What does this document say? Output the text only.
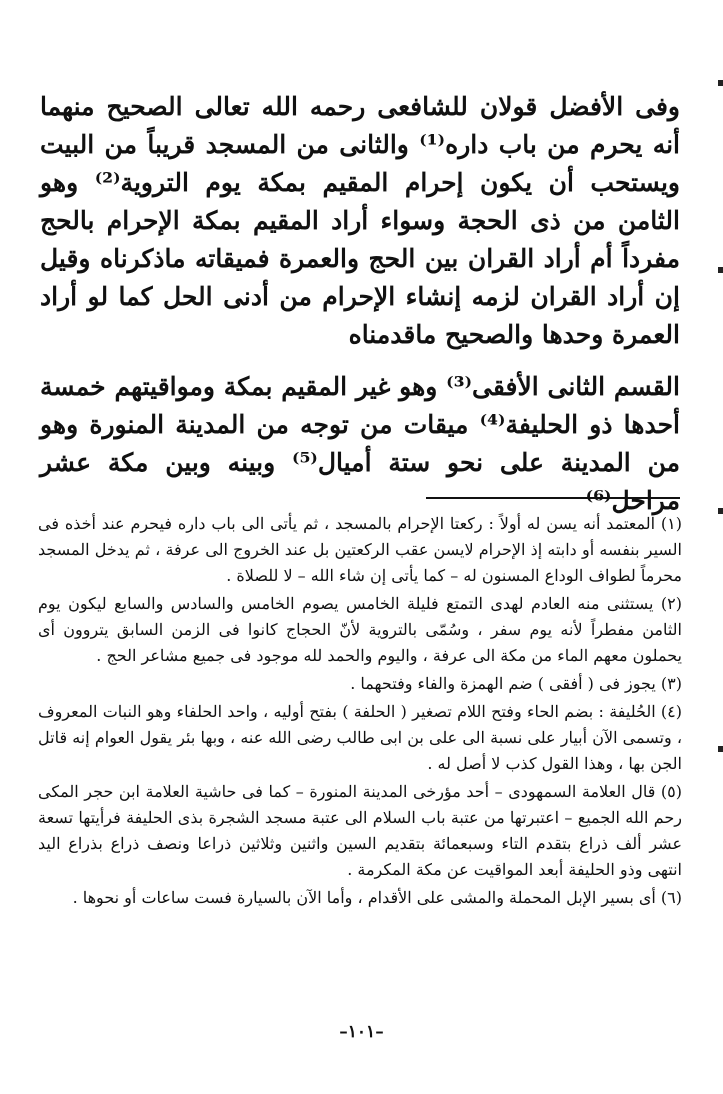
وفى الأفضل قولان للشافعى رحمه الله تعالى الصحيح منهما أنه يحرم من باب داره⁽¹⁾ والثانى من المسجد قريباً من البيت ويستحب أن يكون إحرام المقيم بمكة يوم التروية⁽²⁾ وهو الثامن من ذى الحجة وسواء أراد المقيم بمكة الإحرام بالحج مفرداً أم أراد القران بين الحج والعمرة فميقاته ماذكرناه وقيل إن أراد القران لزمه إنشاء الإحرام من أدنى الحل كما لو أراد العمرة وحدها والصحيح ماقدمناه

القسم الثانى الأفقى⁽³⁾ وهو غير المقيم بمكة ومواقيتهم خمسة أحدها ذو الحليفة⁽⁴⁾ ميقات من توجه من المدينة المنورة وهو من المدينة على نحو ستة أميال⁽⁵⁾ وبينه وبين مكة عشر مراحل⁽⁶⁾

(١) المعتمد أنه يسن له أولاً : ركعتا الإحرام بالمسجد ، ثم يأتى الى باب داره فيحرم عند أخذه فى السير بنفسه أو دابته إذ الإحرام لايسن عقب الركعتين بل عند الخروج الى عرفة ، ثم يدخل المسجد محرماً لطواف الوداع المسنون له – كما يأتى إن شاء الله – لا للصلاة .

(٢) يستثنى منه العادم لهدى التمتع فليلة الخامس يصوم الخامس والسادس والسابع ليكون يوم الثامن مفطراً لأنه يوم سفر ، وسُمّى بالتروية لأنّ الحجاج كانوا فى الزمن السابق يتروون أى يحملون معهم الماء من مكة الى عرفة ، واليوم والحمد لله موجود فى جميع مشاعر الحج .

(٣) يجوز فى ( أفقى ) ضم الهمزة والفاء وفتحهما .

(٤) الحُليفة : بضم الحاء وفتح اللام تصغير ( الحلفة ) بفتح أوليه ، واحد الحلفاء وهو النبات المعروف ، وتسمى الآن أبيار على نسبة الى على بن ابى طالب رضى الله عنه ، وبها بئر يقول العوام إنه قاتل الجن بها ، وهذا القول كذب لا أصل له .

(٥) قال العلامة السمهودى – أحد مؤرخى المدينة المنورة – كما فى حاشية العلامة ابن حجر المكى رحم الله الجميع – اعتبرتها من عتبة باب السلام الى عتبة مسجد الشجرة بذى الحليفة فرأيتها تسعة عشر ألف ذراع بتقدم التاء وسبعمائة بتقديم السين واثنين وثلاثين ذراعا ونصف ذراع بذراع اليد انتهى وذو الحليفة أبعد المواقيت عن مكة المكرمة .

(٦) أى بسير الإبل المحملة والمشى على الأقدام ، وأما الآن بالسيارة فست ساعات أو نحوها .

–١٠١–
